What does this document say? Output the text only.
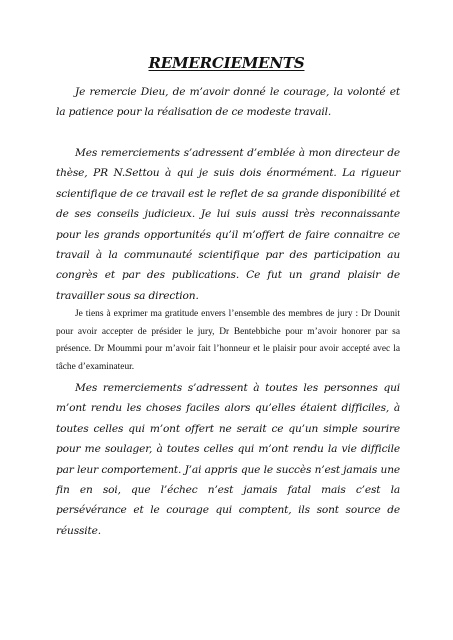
REMERCIEMENTS

Je remercie Dieu, de m’avoir donné le courage, la volonté et la patience pour la réalisation de ce modeste travail.

Mes remerciements s’adressent d’emblée à mon directeur de thèse, PR N.Settou à qui je suis dois énormément. La rigueur scientifique de ce travail est le reflet de sa grande disponibilité et de ses conseils judicieux. Je lui suis aussi très reconnaissante pour les grands opportunités qu’il m’offert de faire connaitre ce travail à la communauté scientifique par des participation au congrès et par des publications. Ce fut un grand plaisir de travailler sous sa direction.

Je tiens à exprimer ma gratitude envers l’ensemble des membres de jury : Dr Dounit pour avoir accepter de présider le jury, Dr Bentebbiche pour m’avoir honorer par sa présence. Dr Moummi pour m’avoir fait l’honneur et le plaisir pour avoir accepté avec la tâche d’examinateur.

Mes remerciements s’adressent à toutes les personnes qui m’ont rendu les choses faciles alors qu’elles étaient difficiles, à toutes celles qui m’ont offert ne serait ce qu’un simple sourire pour me soulager, à toutes celles qui m’ont rendu la vie difficile par leur comportement. J’ai appris que le succès n’est jamais une fin en soi, que l’échec n’est jamais fatal mais c’est la persévérance et le courage qui comptent, ils sont source de réussite.
